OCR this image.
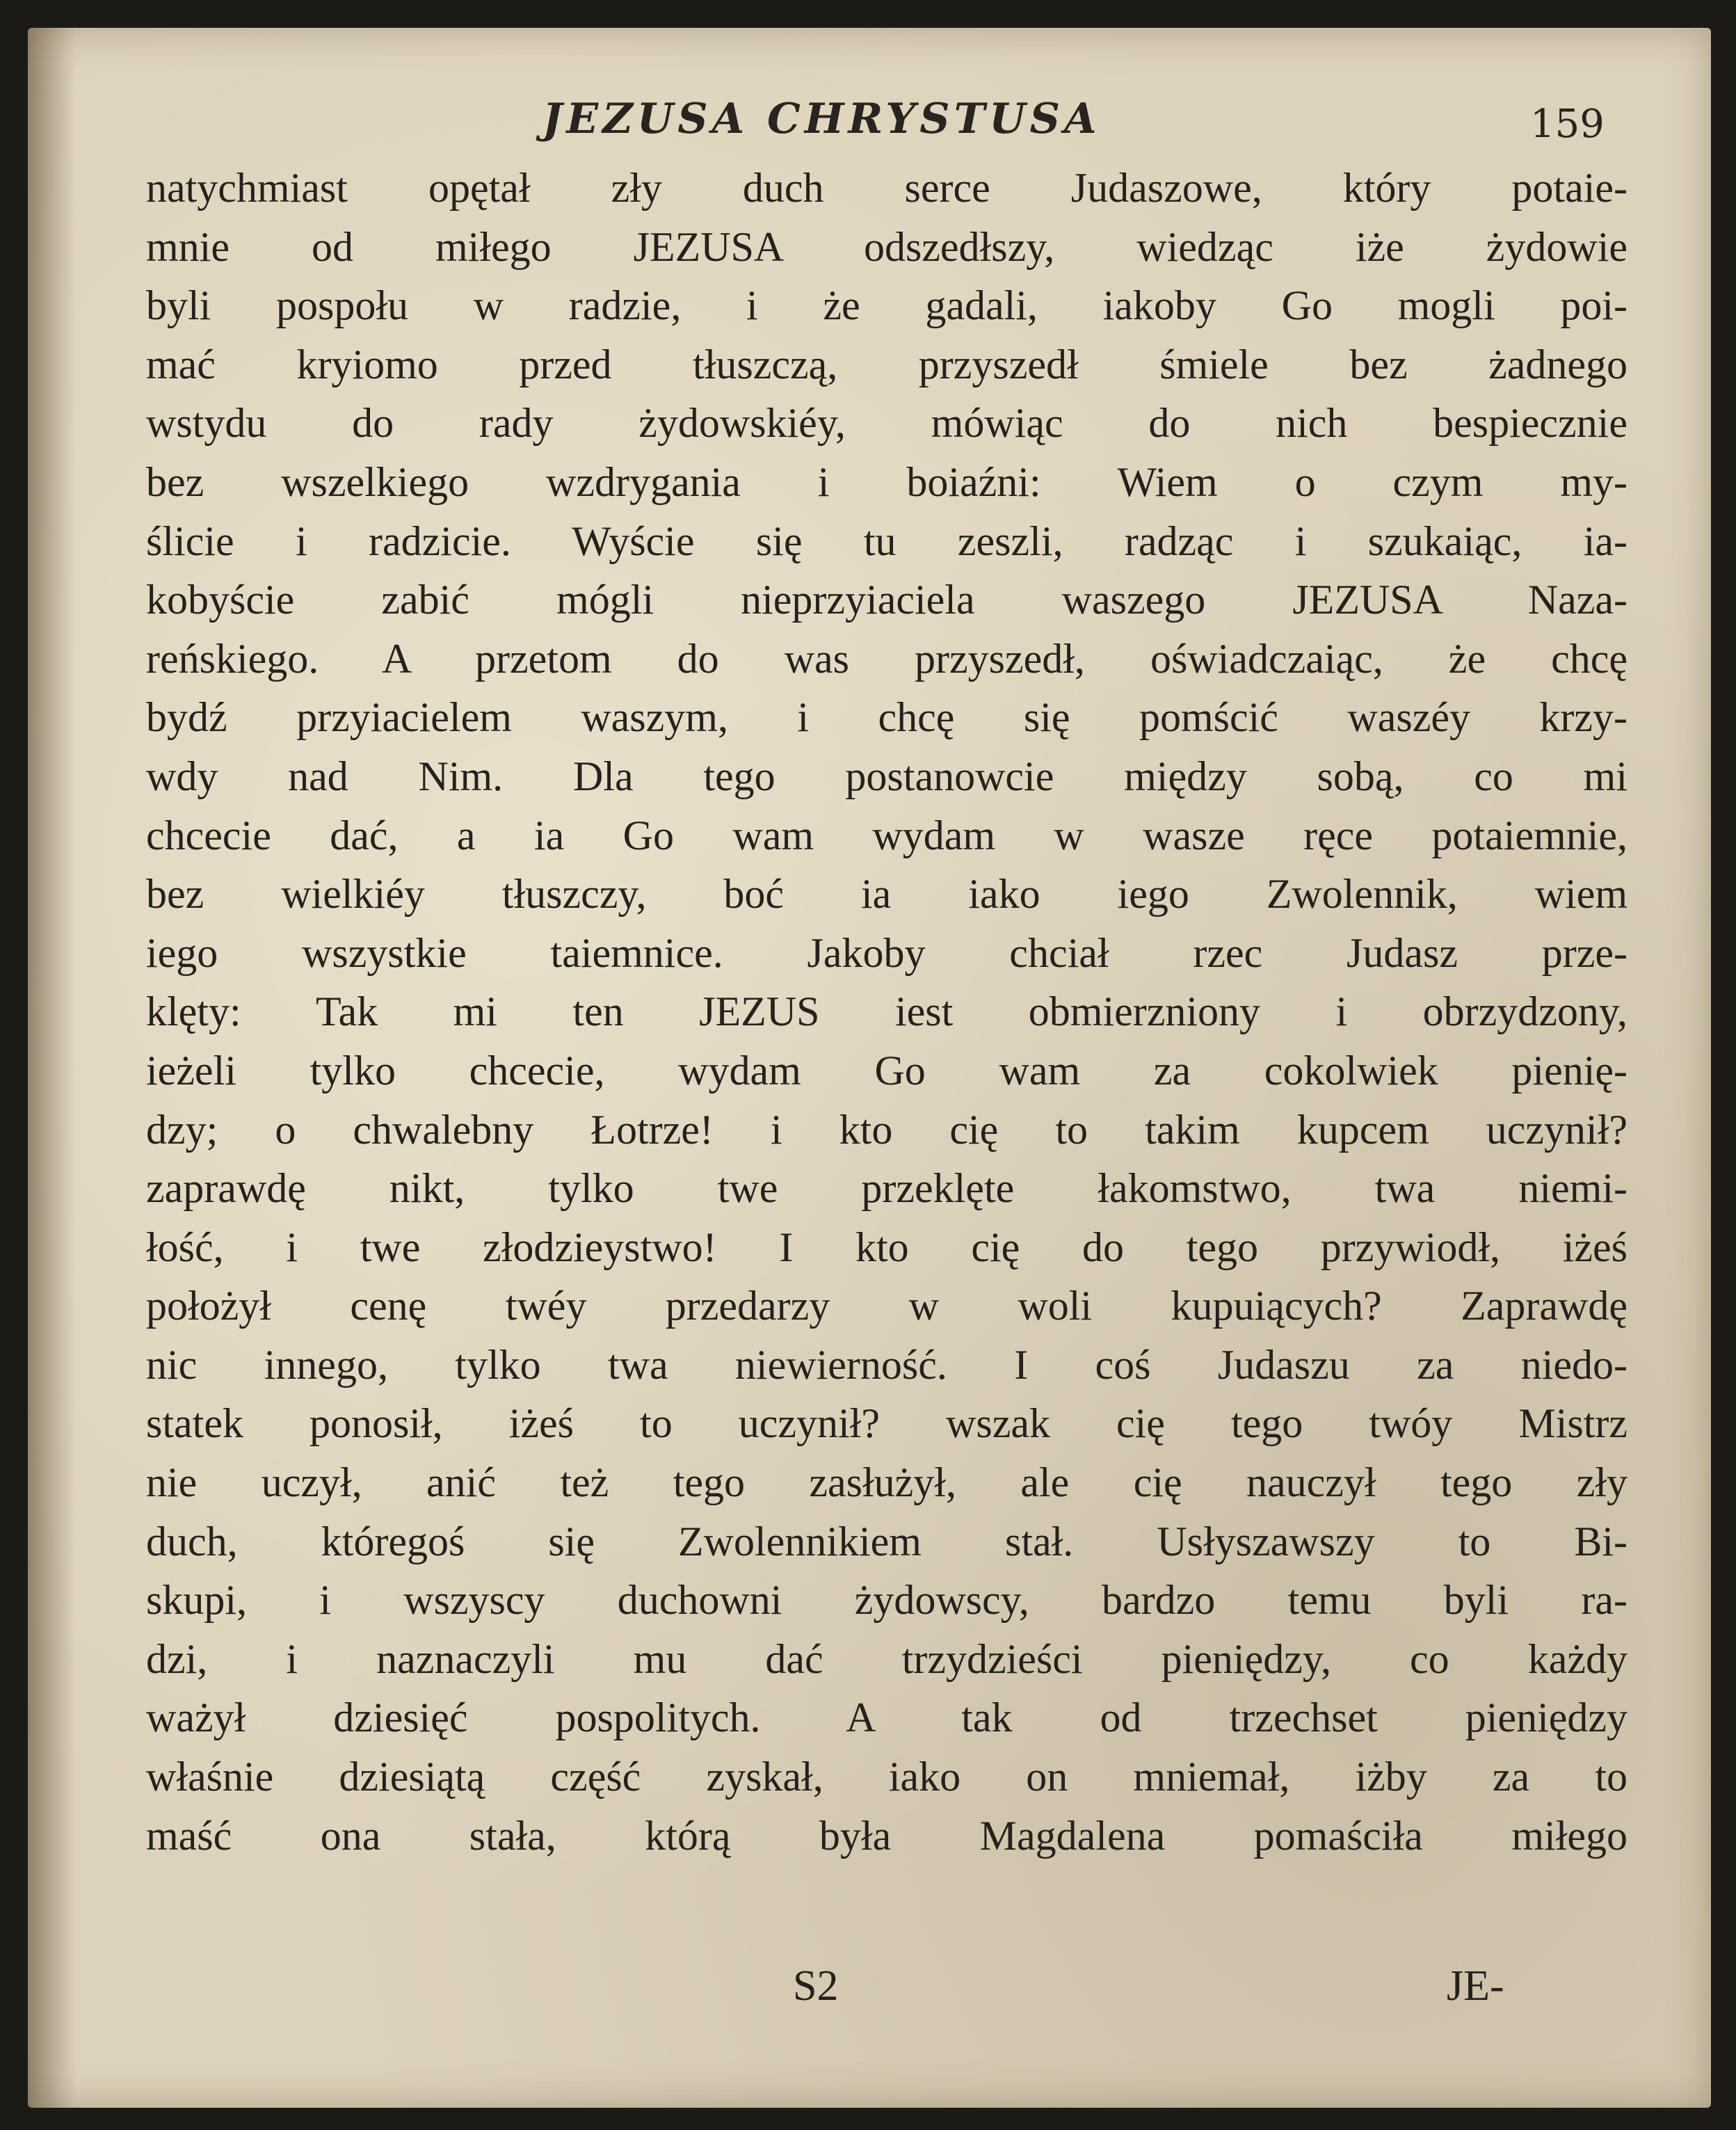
JEZUSA CHRYSTUSA	159
natychmiast opętał zły duch serce Judaszowe, który potaie-
mnie od miłego JEZUSA odszedłszy, wiedząc iże żydowie
byli pospołu w radzie, i że gadali, iakoby Go mogli poi-
mać kryiomo przed tłuszczą, przyszedł śmiele bez żadnego
wstydu do rady żydowskiéy, mówiąc do nich bespiecznie
bez wszelkiego wzdrygania i boiaźni: Wiem o czym my-
ślicie i radzicie. Wyście się tu zeszli, radząc i szukaiąc, ia-
kobyście zabić mógli nieprzyiaciela waszego JEZUSA Naza-
reńskiego. A przetom do was przyszedł, oświadczaiąc, że chcę
bydź przyiacielem waszym, i chcę się pomścić waszéy krzy-
wdy nad Nim. Dla tego postanowcie między sobą, co mi
chcecie dać, a ia Go wam wydam w wasze ręce potaiemnie,
bez wielkiéy tłuszczy, boć ia iako iego Zwolennik, wiem
iego wszystkie taiemnice. Jakoby chciał rzec Judasz prze-
klęty: Tak mi ten JEZUS iest obmierzniony i obrzydzony,
ieżeli tylko chcecie, wydam Go wam za cokolwiek pienię-
dzy; o chwalebny Łotrze! i kto cię to takim kupcem uczynił?
zaprawdę nikt, tylko twe przeklęte łakomstwo, twa niemi-
łość, i twe złodzieystwo! I kto cię do tego przywiodł, iżeś
położył cenę twéy przedarzy w woli kupuiących? Zaprawdę
nic innego, tylko twa niewierność. I coś Judaszu za niedo-
statek ponosił, iżeś to uczynił? wszak cię tego twóy Mistrz
nie uczył, anić też tego zasłużył, ale cię nauczył tego zły
duch, któregoś się Zwolennikiem stał. Usłyszawszy to Bi-
skupi, i wszyscy duchowni żydowscy, bardzo temu byli ra-
dzi, i naznaczyli mu dać trzydzieści pieniędzy, co każdy
ważył dziesięć pospolitych. A tak od trzechset pieniędzy
właśnie dziesiątą część zyskał, iako on mniemał, iżby za to
maść ona stała, którą była Magdalena pomaściła miłego
S2	JE-
